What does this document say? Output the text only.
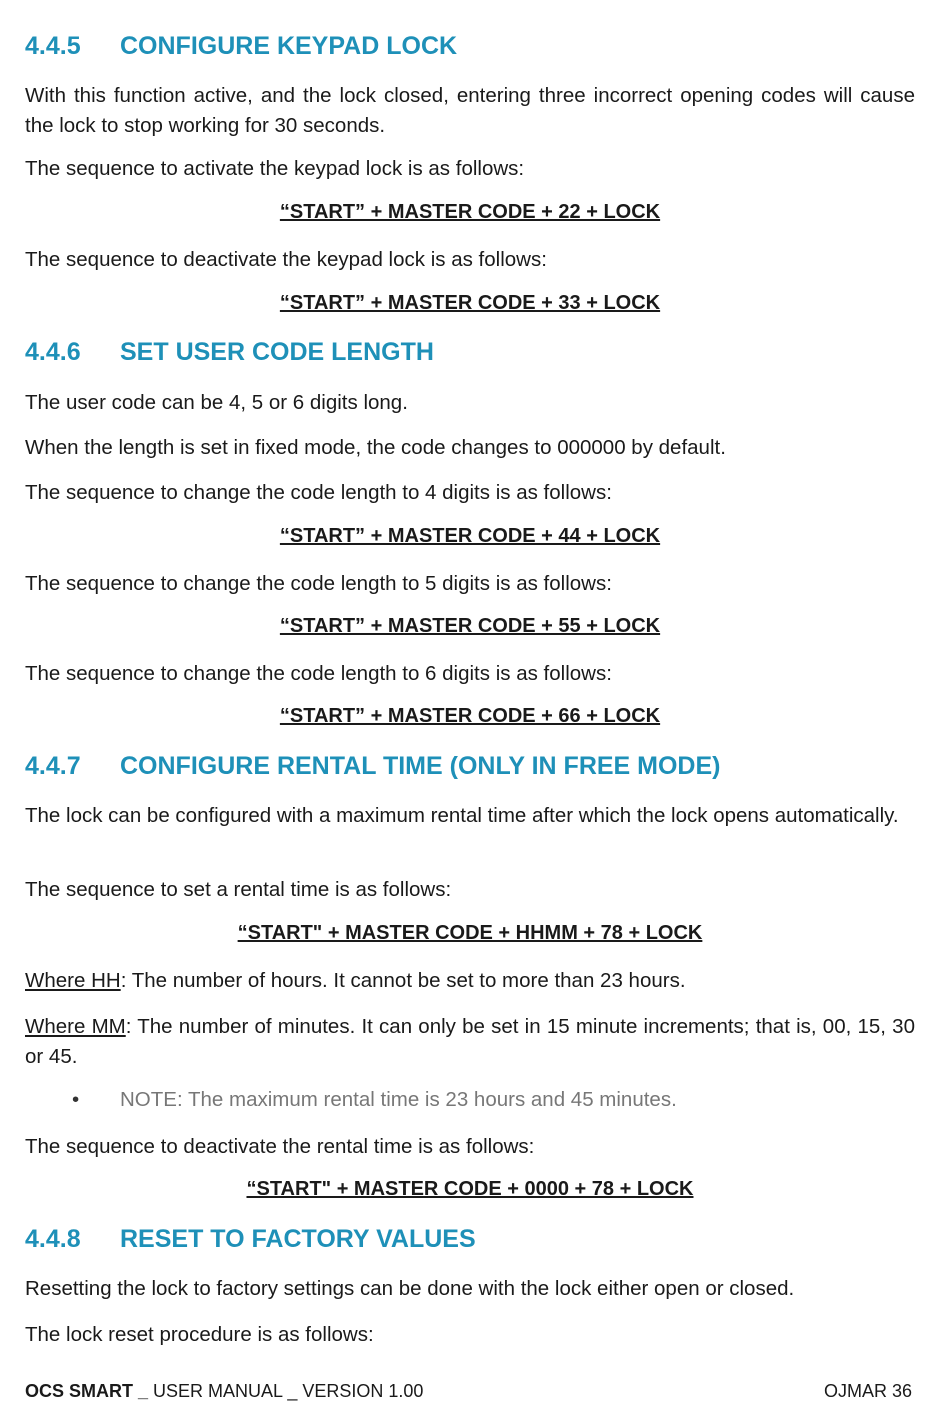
4.4.5 CONFIGURE KEYPAD LOCK

With this function active, and the lock closed, entering three incorrect opening codes will cause the lock to stop working for 30 seconds.

The sequence to activate the keypad lock is as follows:

“START” + MASTER CODE + 22 + LOCK

The sequence to deactivate the keypad lock is as follows:

“START” + MASTER CODE + 33 + LOCK

4.4.6 SET USER CODE LENGTH

The user code can be 4, 5 or 6 digits long.

When the length is set in fixed mode, the code changes to 000000 by default.

The sequence to change the code length to 4 digits is as follows:

“START” + MASTER CODE + 44 + LOCK

The sequence to change the code length to 5 digits is as follows:

“START” + MASTER CODE + 55 + LOCK

The sequence to change the code length to 6 digits is as follows:

“START” + MASTER CODE + 66 + LOCK

4.4.7 CONFIGURE RENTAL TIME (ONLY IN FREE MODE)

The lock can be configured with a maximum rental time after which the lock opens automatically.

The sequence to set a rental time is as follows:

“START" + MASTER CODE + HHMM + 78 + LOCK

Where HH: The number of hours. It cannot be set to more than 23 hours.

Where MM: The number of minutes. It can only be set in 15 minute increments; that is, 00, 15, 30 or 45.

• NOTE: The maximum rental time is 23 hours and 45 minutes.

The sequence to deactivate the rental time is as follows:

“START" + MASTER CODE + 0000 + 78 + LOCK

4.4.8 RESET TO FACTORY VALUES

Resetting the lock to factory settings can be done with the lock either open or closed.

The lock reset procedure is as follows:

OCS SMART _ USER MANUAL _ VERSION 1.00	OJMAR 36
